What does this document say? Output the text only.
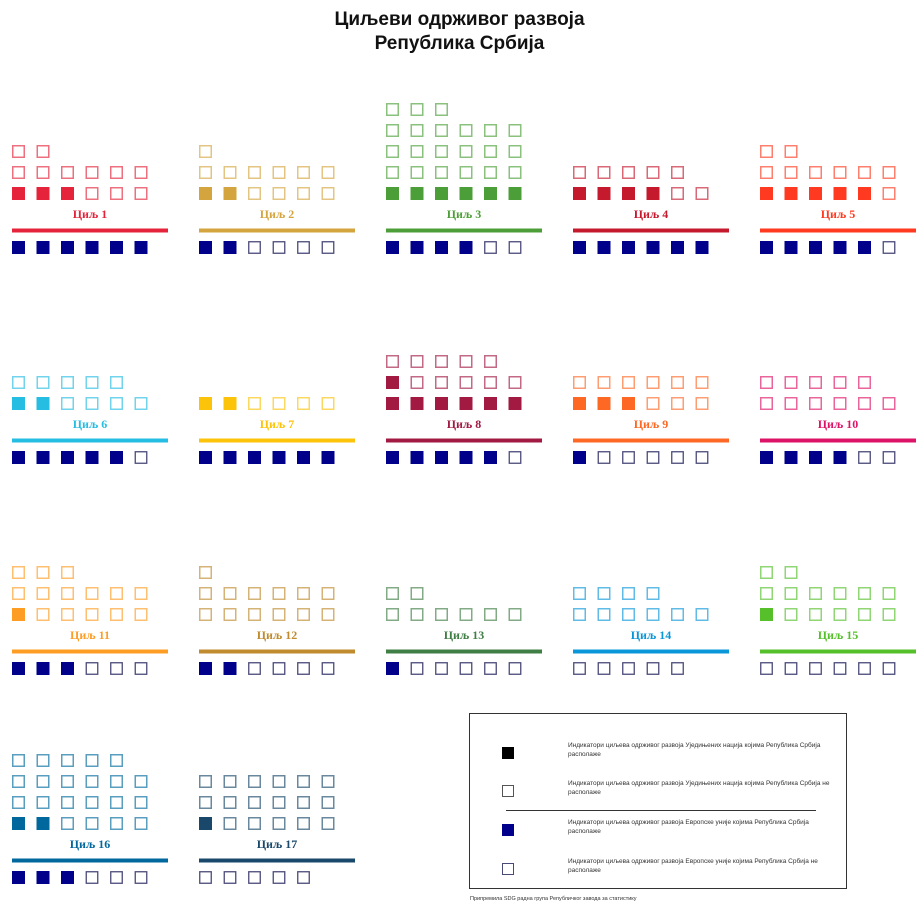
Циљеви одрживог развоја
Република Србија
Циљ 1	Циљ 2	Циљ 3	Циљ 4	Циљ 5
Циљ 6	Циљ 7	Циљ 8	Циљ 9	Циљ 10
Циљ 11	Циљ 12	Циљ 13	Циљ 14	Циљ 15
Циљ 16	Циљ 17
Индикатори циљева одрживог развоја Уједињених нација којима Република Србија располаже
Индикатори циљева одрживог развоја Уједињених нација којима Република Србија не располаже
Индикатори циљева одрживог развоја Европске уније којима Република Србија располаже
Индикатори циљева одрживог развоја Европске уније којима Република Србија не располаже
Припремила SDG радна група Републичког завода за статистику
